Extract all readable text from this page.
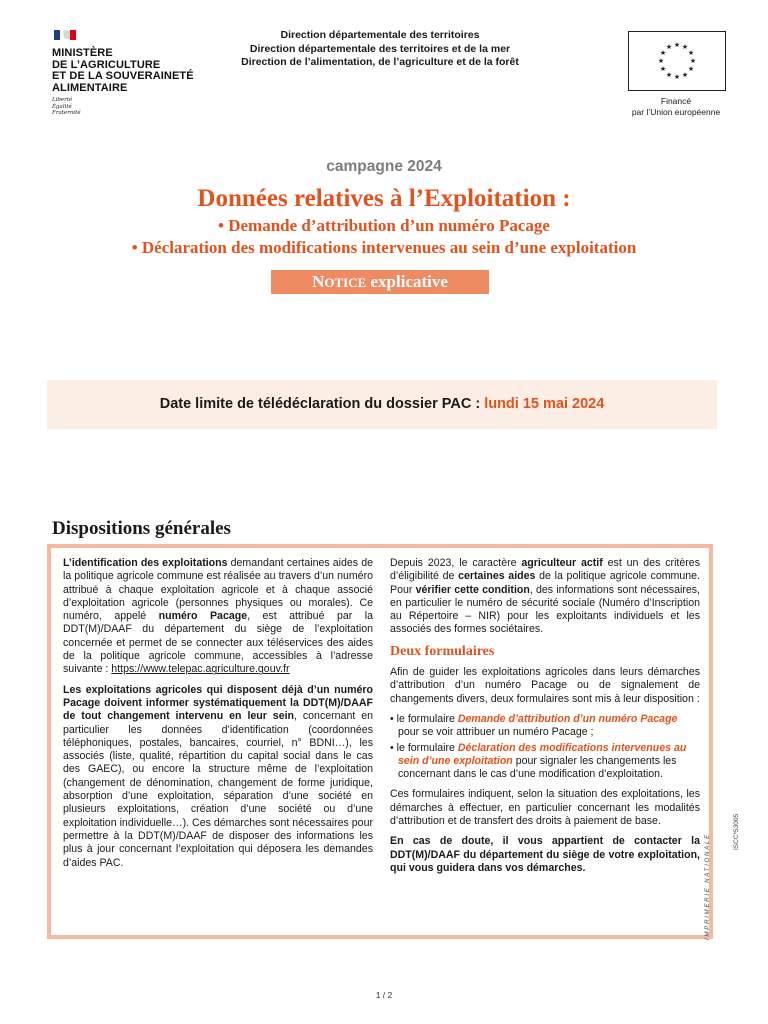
MINISTÈRE
DE L’AGRICULTURE
ET DE LA SOUVERAINETÉ
ALIMENTAIRE
Liberté
Égalité
Fraternité
Direction départementale des territoires
Direction départementale des territoires et de la mer
Direction de l’alimentation, de l’agriculture et de la forêt
★ ★
★
★
★
★
★
★
★
★
★
★
Financé
par l’Union européenne
campagne 2024
Données relatives à l’Exploitation :
• Demande d’attribution d’un numéro Pacage
• Déclaration des modifications intervenues au sein d’une exploitation
NOTICE explicative
Date limite de télédéclaration du dossier PAC : lundi 15 mai 2024
Dispositions générales

L’identification des exploitations demandant certaines aides de la politique agricole commune est réalisée au travers d’un numéro attribué à chaque exploitation agricole et à chaque associé d’exploitation agricole (personnes physiques ou morales). Ce numéro, appelé numéro Pacage, est attribué par la DDT(M)/DAAF du département du siège de l’exploitation concernée et permet de se connecter aux téléservices des aides de la politique agricole commune, accessibles à l’adresse suivante : https://www.telepac.agriculture.gouv.fr

Les exploitations agricoles qui disposent déjà d’un numéro Pacage doivent informer systématiquement la DDT(M)/DAAF de tout changement intervenu en leur sein, concernant en particulier les données d’identification (coordonnées téléphoniques, postales, bancaires, courriel, n° BDNI…), les associés (liste, qualité, répartition du capital social dans le cas des GAEC), ou encore la structure même de l’exploitation (changement de dénomination, changement de forme juridique, absorption d’une exploitation, séparation d’une société en plusieurs exploitations, création d’une société ou d’une exploitation individuelle…). Ces démarches sont nécessaires pour permettre à la DDT(M)/DAAF de disposer des informations les plus à jour concernant l’exploitation qui déposera les demandes d’aides PAC.

Depuis 2023, le caractère agriculteur actif est un des critères d’éligibilité de certaines aides de la politique agricole commune. Pour vérifier cette condition, des informations sont nécessaires, en particulier le numéro de sécurité sociale (Numéro d’Inscription au Répertoire – NIR) pour les exploitants individuels et les associés des formes sociétaires.

Deux formulaires

Afin de guider les exploitations agricoles dans leurs démarches d’attribution d’un numéro Pacage ou de signalement de changements divers, deux formulaires sont mis à leur disposition :

• le formulaire Demande d’attribution d’un numéro Pacage pour se voir attribuer un numéro Pacage ;
• le formulaire Déclaration des modifications intervenues au sein d’une exploitation pour signaler les changements les concernant dans le cas d’une modification d’exploitation.

Ces formulaires indiquent, selon la situation des exploitations, les démarches à effectuer, en particulier concernant les modalités d’attribution et de transfert des droits à paiement de base.

En cas de doute, il vous appartient de contacter la DDT(M)/DAAF du département du siège de votre exploitation, qui vous guidera dans vos démarches.	IMPRIMERIE NATIONALE
ISCC*53005
1 / 2
